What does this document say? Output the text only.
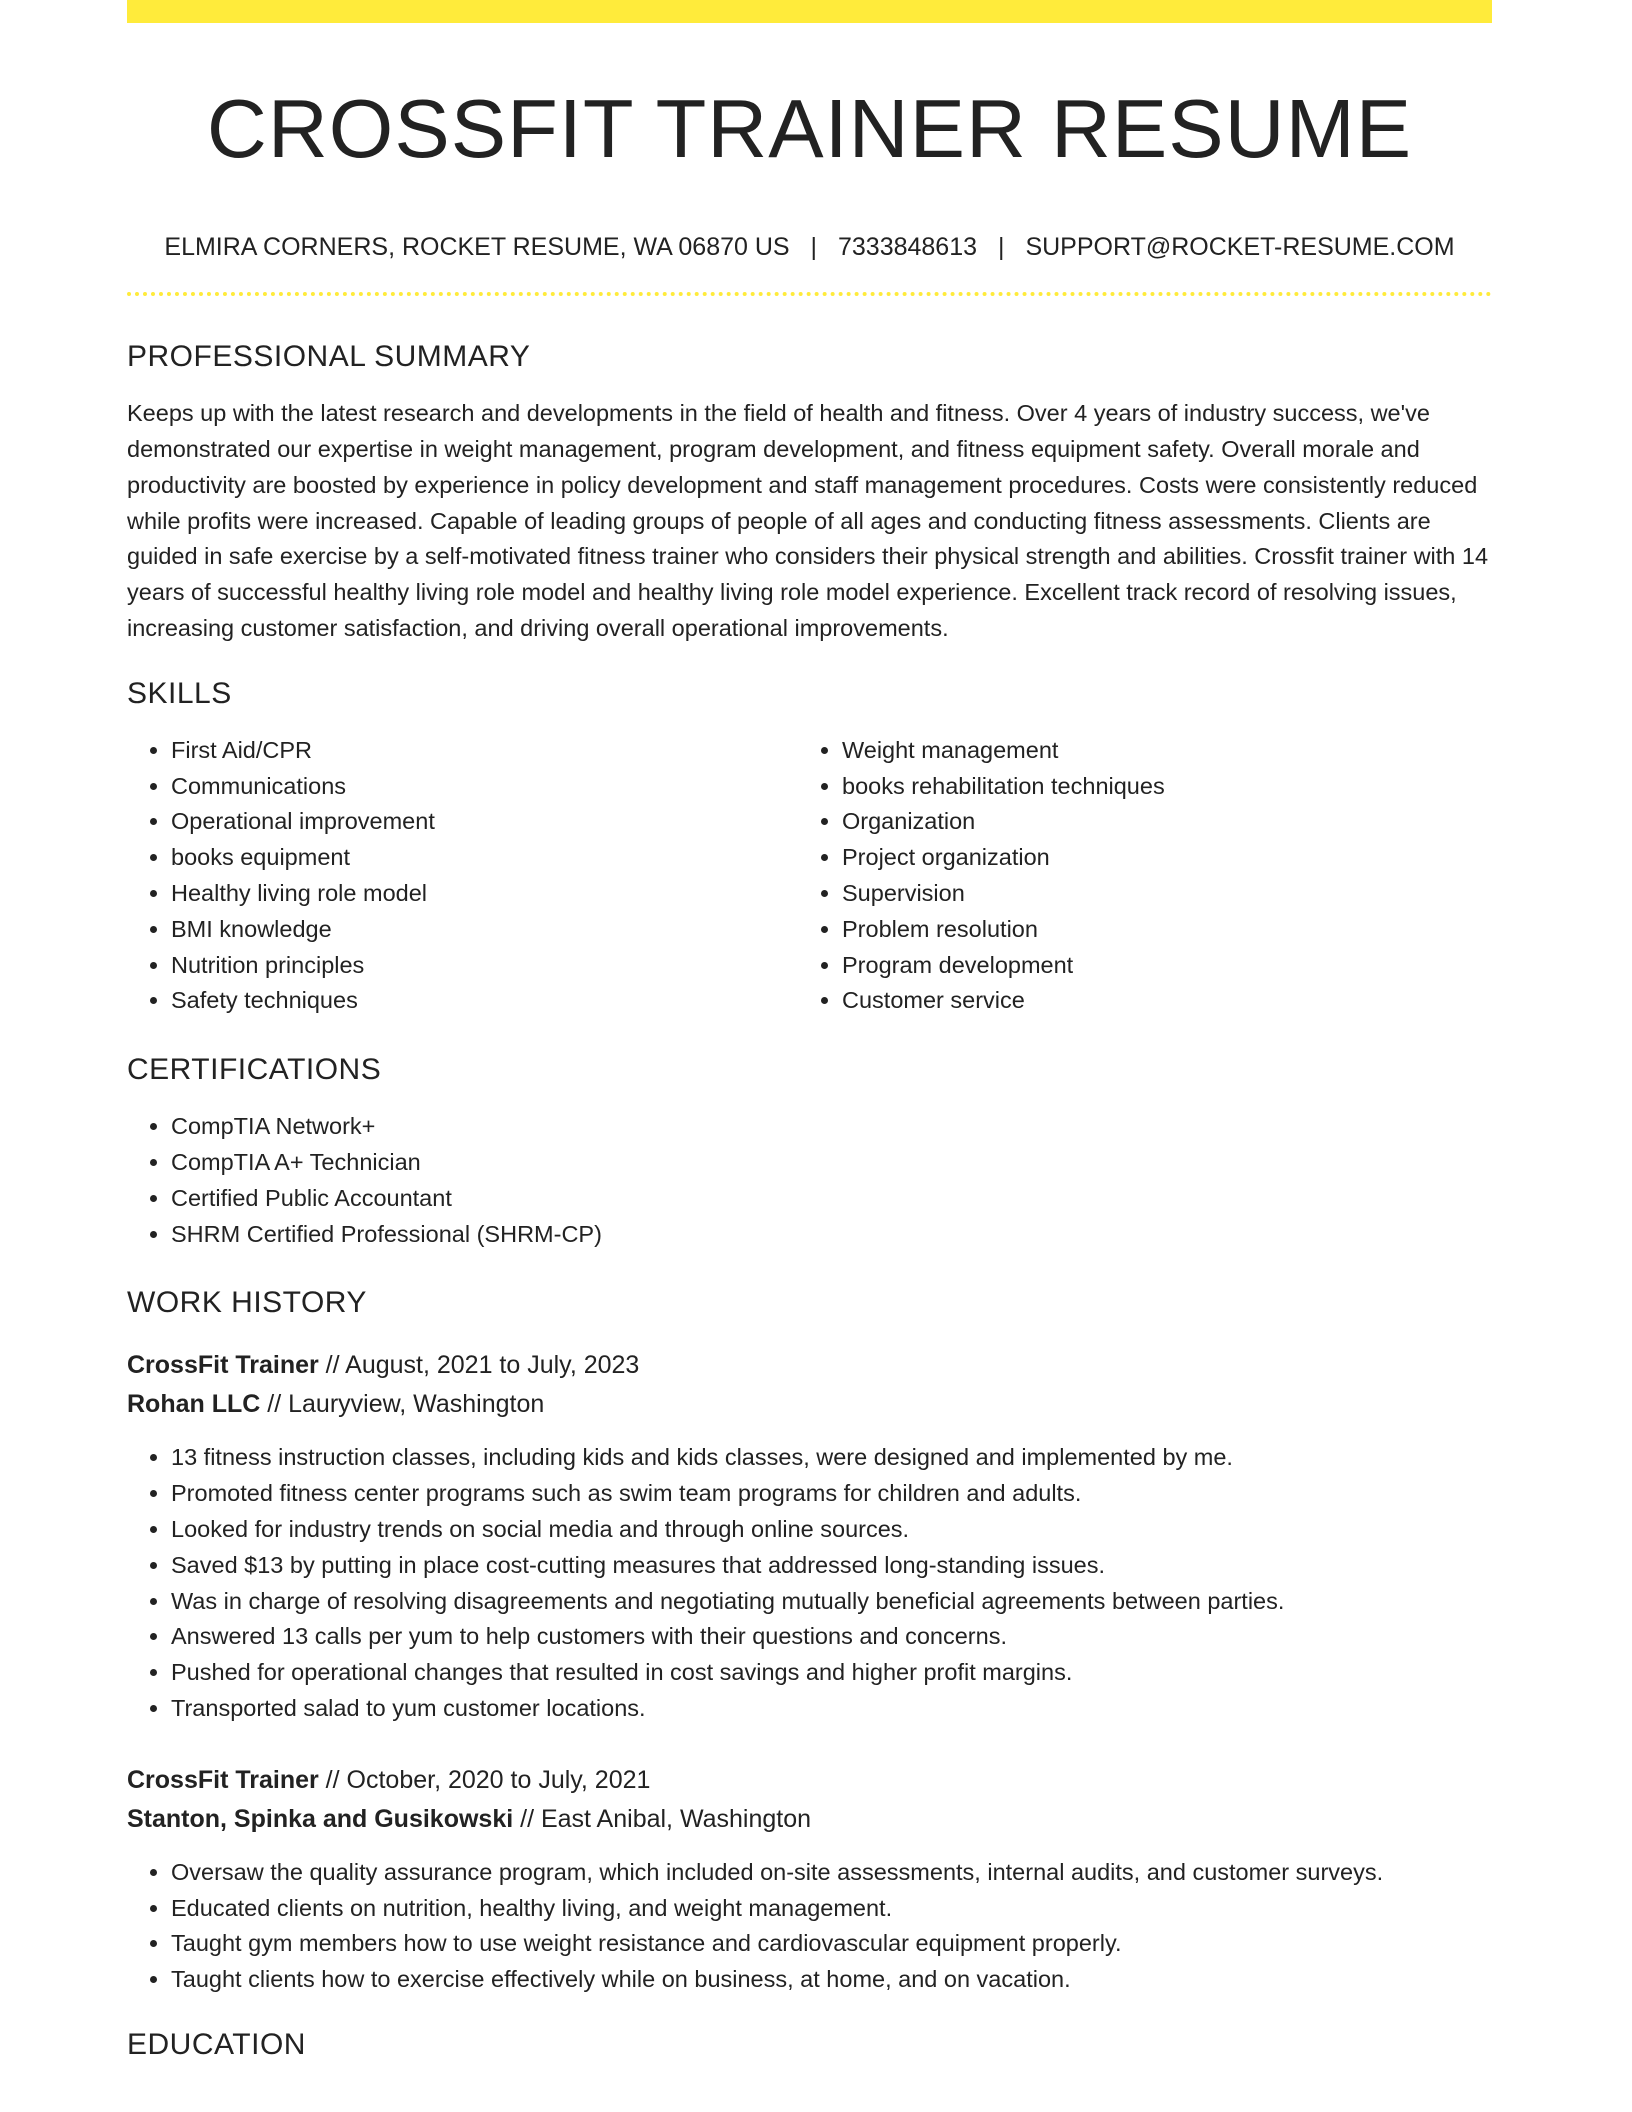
CROSSFIT TRAINER RESUME
ELMIRA CORNERS, ROCKET RESUME, WA 06870 US | 7333848613 | SUPPORT@ROCKET-RESUME.COM
PROFESSIONAL SUMMARY

Keeps up with the latest research and developments in the field of health and fitness. Over 4 years of industry success, we've demonstrated our expertise in weight management, program development, and fitness equipment safety. Overall morale and productivity are boosted by experience in policy development and staff management procedures. Costs were consistently reduced while profits were increased. Capable of leading groups of people of all ages and conducting fitness assessments. Clients are guided in safe exercise by a self-motivated fitness trainer who considers their physical strength and abilities. Crossfit trainer with 14 years of successful healthy living role model and healthy living role model experience. Excellent track record of resolving issues, increasing customer satisfaction, and driving overall operational improvements.

SKILLS
• First Aid/CPR
• Communications
• Operational improvement
• books equipment
• Healthy living role model
• BMI knowledge
• Nutrition principles
• Safety techniques
• Weight management
• books rehabilitation techniques
• Organization
• Project organization
• Supervision
• Problem resolution
• Program development
• Customer service
CERTIFICATIONS
• CompTIA Network+
• CompTIA A+ Technician
• Certified Public Accountant
• SHRM Certified Professional (SHRM-CP)
WORK HISTORY
CrossFit Trainer // August, 2021 to July, 2023
Rohan LLC // Lauryview, Washington
• 13 fitness instruction classes, including kids and kids classes, were designed and implemented by me.
• Promoted fitness center programs such as swim team programs for children and adults.
• Looked for industry trends on social media and through online sources.
• Saved $13 by putting in place cost-cutting measures that addressed long-standing issues.
• Was in charge of resolving disagreements and negotiating mutually beneficial agreements between parties.
• Answered 13 calls per yum to help customers with their questions and concerns.
• Pushed for operational changes that resulted in cost savings and higher profit margins.
• Transported salad to yum customer locations.
CrossFit Trainer // October, 2020 to July, 2021
Stanton, Spinka and Gusikowski // East Anibal, Washington
• Oversaw the quality assurance program, which included on-site assessments, internal audits, and customer surveys.
• Educated clients on nutrition, healthy living, and weight management.
• Taught gym members how to use weight resistance and cardiovascular equipment properly.
• Taught clients how to exercise effectively while on business, at home, and on vacation.
EDUCATION
